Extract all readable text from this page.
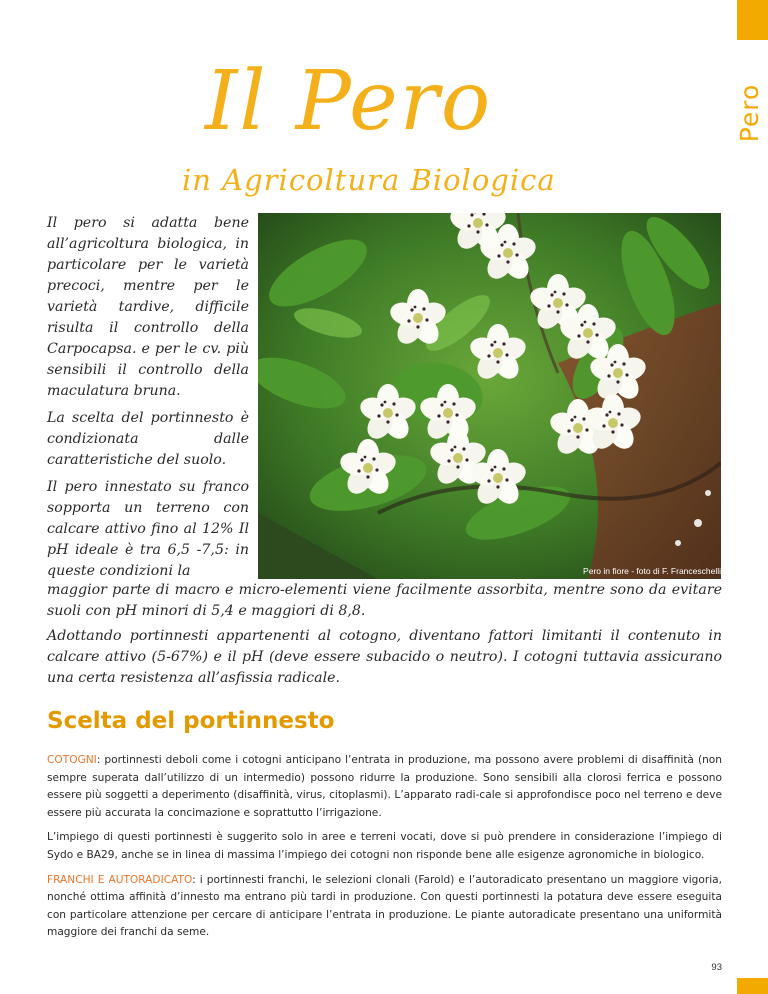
Pero
Il Pero
in Agricoltura Biologica

Il pero si adatta bene all’agricoltura biologica, in particolare per le varietà precoci, mentre per le varietà tardive, difficile risulta il controllo della Carpocapsa. e per le cv. più sensibili il controllo della maculatura bruna.

La scelta del portinnesto è condizionata dalle caratteristiche del suolo.

Il pero innestato su franco sopporta un terreno con calcare attivo fino al 12% Il pH ideale è tra 6,5 -7,5: in queste condizioni la	Pero in fiore - foto di F. Franceschelli

maggior parte di macro e micro-elementi viene facilmente assorbita, mentre sono da evitare suoli con pH minori di 5,4 e maggiori di 8,8.

Adottando portinnesti appartenenti al cotogno, diventano fattori limitanti il contenuto in calcare attivo (5-67%) e il pH (deve essere subacido o neutro). I cotogni tuttavia assicurano una certa resistenza all’asfissia radicale.

Scelta del portinnesto

COTOGNI: portinnesti deboli come i cotogni anticipano l’entrata in produzione, ma possono avere problemi di disaffinità (non sempre superata dall’utilizzo di un intermedio) possono ridurre la produzione. Sono sensibili alla clorosi ferrica e possono essere più soggetti a deperimento (disaffinità, virus, citoplasmi). L’apparato radi-cale si approfondisce poco nel terreno e deve essere più accurata la concimazione e soprattutto l’irrigazione.

L’impiego di questi portinnesti è suggerito solo in aree e terreni vocati, dove si può prendere in considerazione l’impiego di Sydo e BA29, anche se in linea di massima l’impiego dei cotogni non risponde bene alle esigenze agronomiche in biologico.

FRANCHI E AUTORADICATO: i portinnesti franchi, le selezioni clonali (Farold) e l’autoradicato presentano un maggiore vigoria, nonché ottima affinità d’innesto ma entrano più tardi in produzione. Con questi portinnesti la potatura deve essere eseguita con particolare attenzione per cercare di anticipare l’entrata in produzione. Le piante autoradicate presentano una uniformità maggiore dei franchi da seme.

93
